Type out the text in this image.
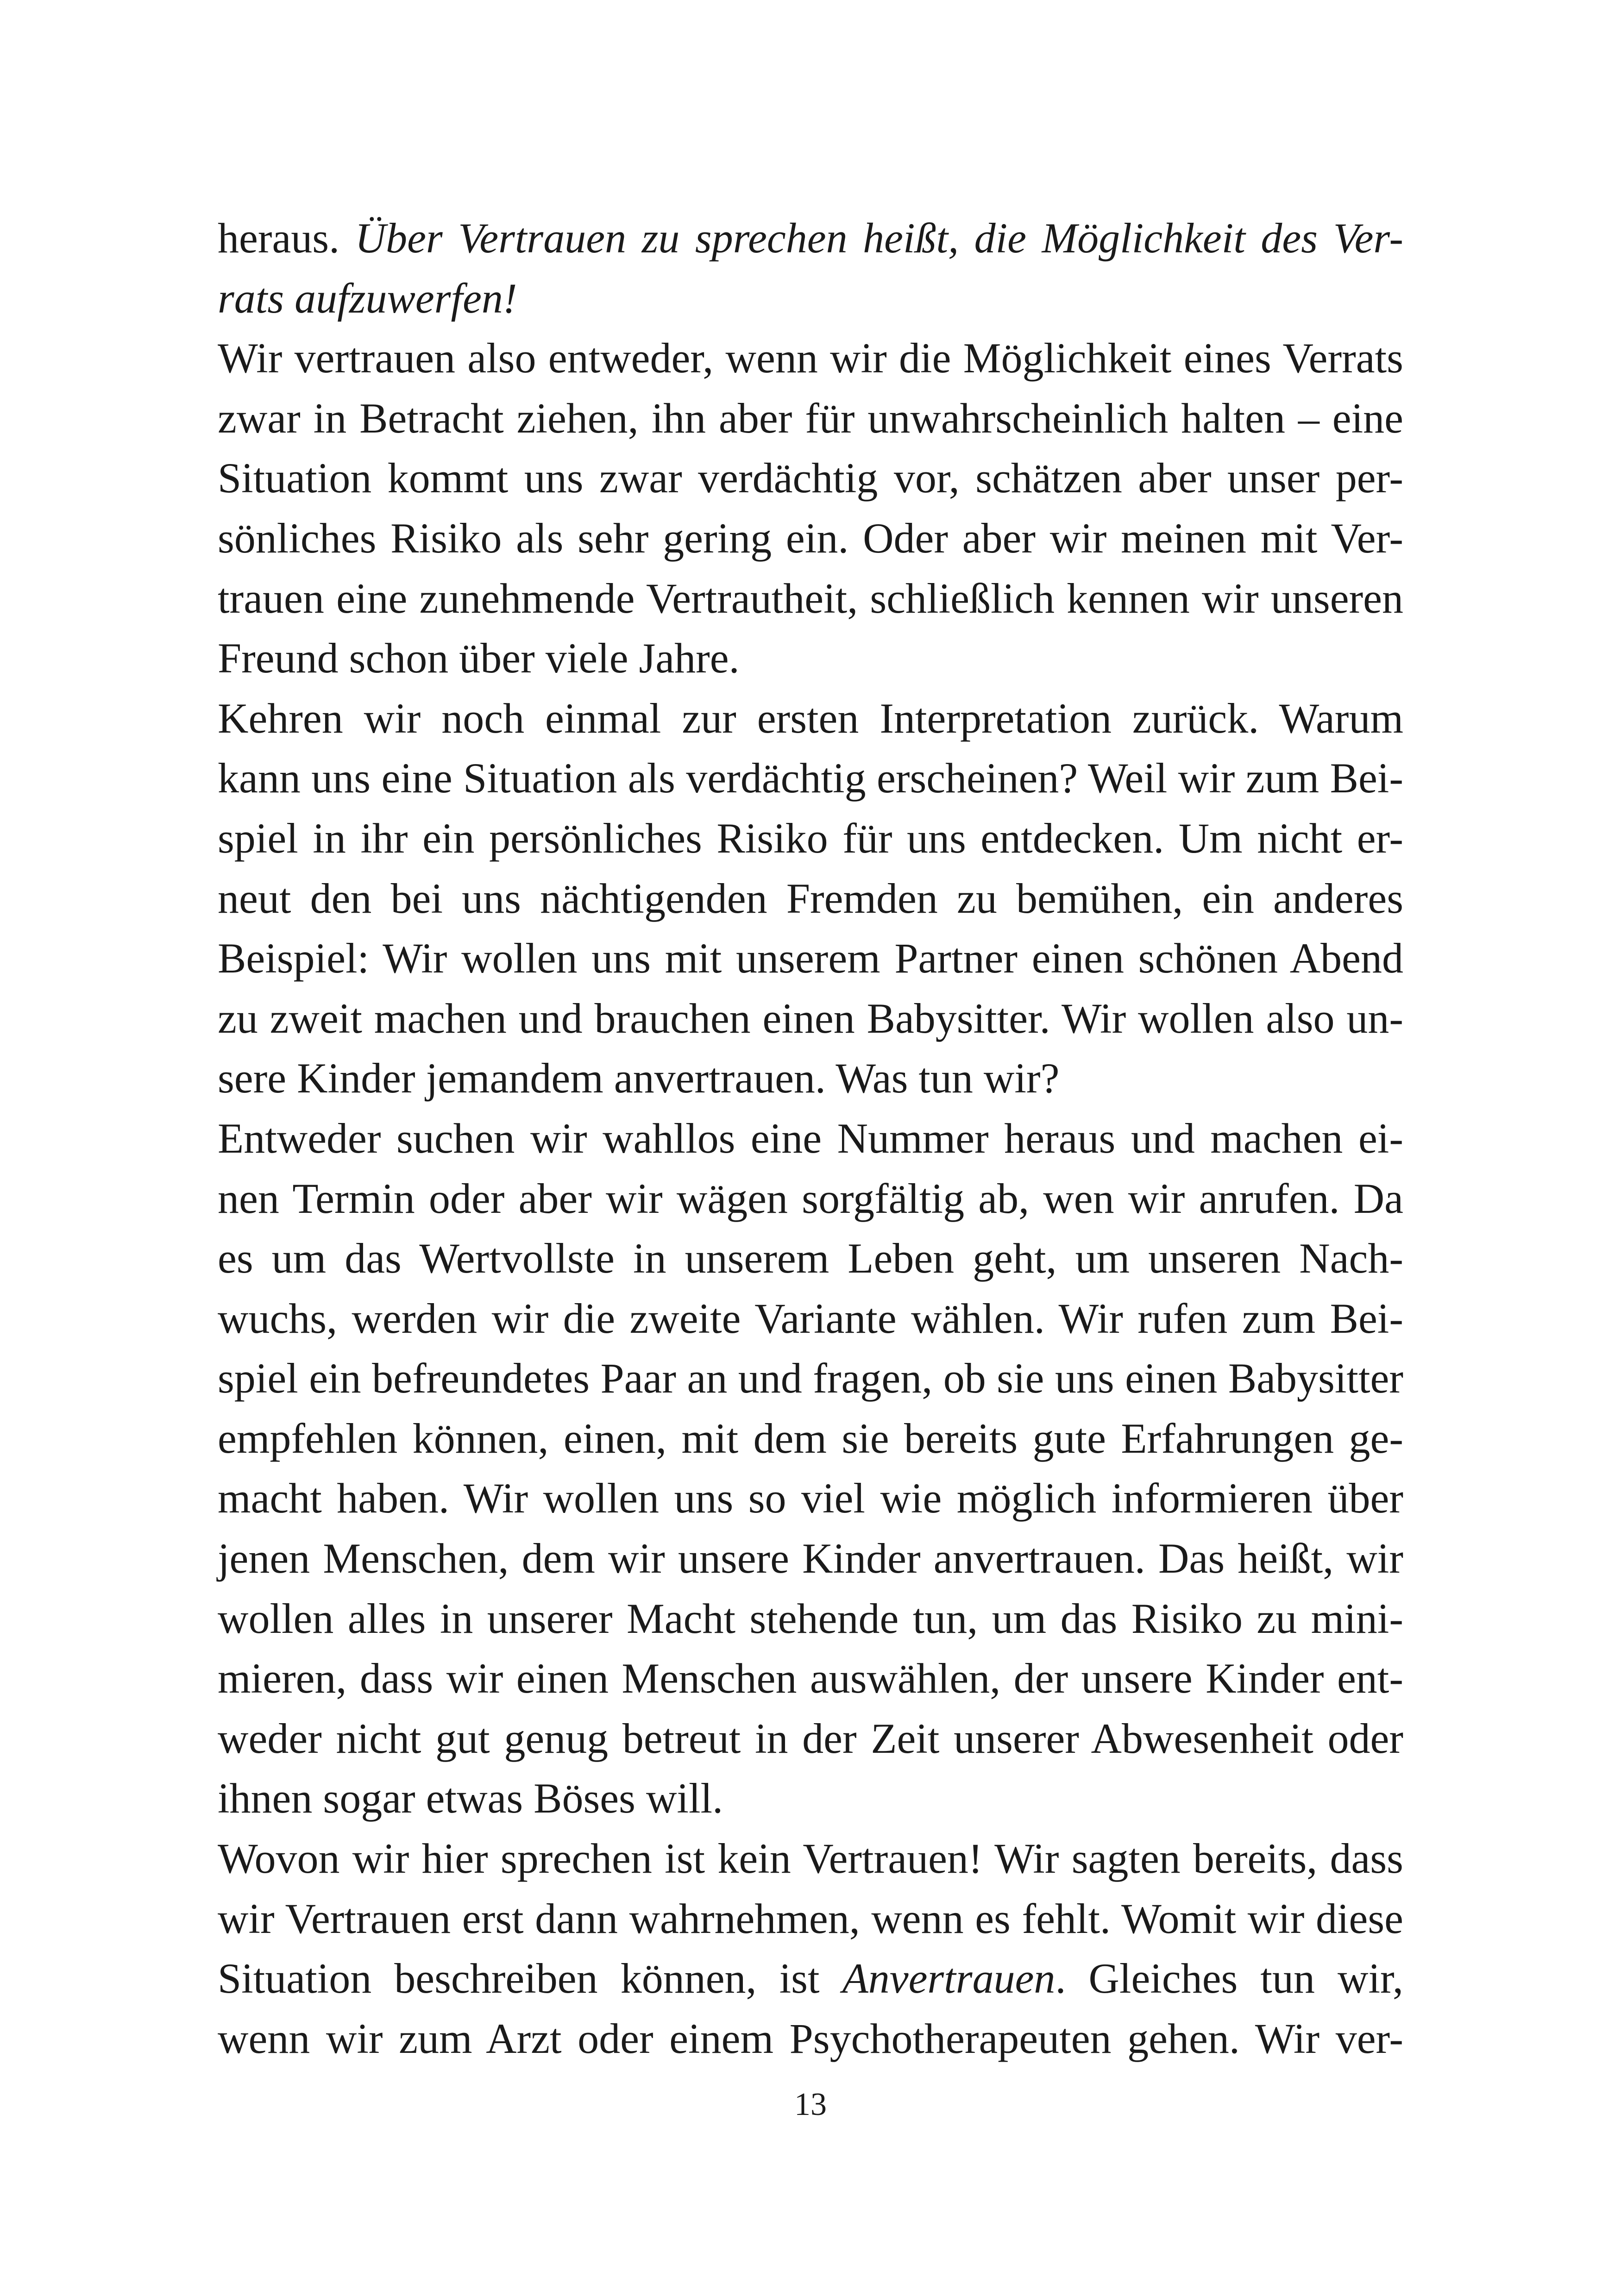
heraus. Über Vertrauen zu sprechen heißt, die Möglichkeit des Ver-
rats aufzuwerfen!
Wir vertrauen also entweder, wenn wir die Möglichkeit eines Verrats
zwar in Betracht ziehen, ihn aber für unwahrscheinlich halten – eine
Situation kommt uns zwar verdächtig vor, schätzen aber unser per-
sönliches Risiko als sehr gering ein. Oder aber wir meinen mit Ver-
trauen eine zunehmende Vertrautheit, schließlich kennen wir unseren
Freund schon über viele Jahre.
Kehren wir noch einmal zur ersten Interpretation zurück. Warum
kann uns eine Situation als verdächtig erscheinen? Weil wir zum Bei-
spiel in ihr ein persönliches Risiko für uns entdecken. Um nicht er-
neut den bei uns nächtigenden Fremden zu bemühen, ein anderes
Beispiel: Wir wollen uns mit unserem Partner einen schönen Abend
zu zweit machen und brauchen einen Babysitter. Wir wollen also un-
sere Kinder jemandem anvertrauen. Was tun wir?
Entweder suchen wir wahllos eine Nummer heraus und machen ei-
nen Termin oder aber wir wägen sorgfältig ab, wen wir anrufen. Da
es um das Wertvollste in unserem Leben geht, um unseren Nach-
wuchs, werden wir die zweite Variante wählen. Wir rufen zum Bei-
spiel ein befreundetes Paar an und fragen, ob sie uns einen Babysitter
empfehlen können, einen, mit dem sie bereits gute Erfahrungen ge-
macht haben. Wir wollen uns so viel wie möglich informieren über
jenen Menschen, dem wir unsere Kinder anvertrauen. Das heißt, wir
wollen alles in unserer Macht stehende tun, um das Risiko zu mini-
mieren, dass wir einen Menschen auswählen, der unsere Kinder ent-
weder nicht gut genug betreut in der Zeit unserer Abwesenheit oder
ihnen sogar etwas Böses will.
Wovon wir hier sprechen ist kein Vertrauen! Wir sagten bereits, dass
wir Vertrauen erst dann wahrnehmen, wenn es fehlt. Womit wir diese
Situation beschreiben können, ist Anvertrauen. Gleiches tun wir,
wenn wir zum Arzt oder einem Psychotherapeuten gehen. Wir ver-
13
